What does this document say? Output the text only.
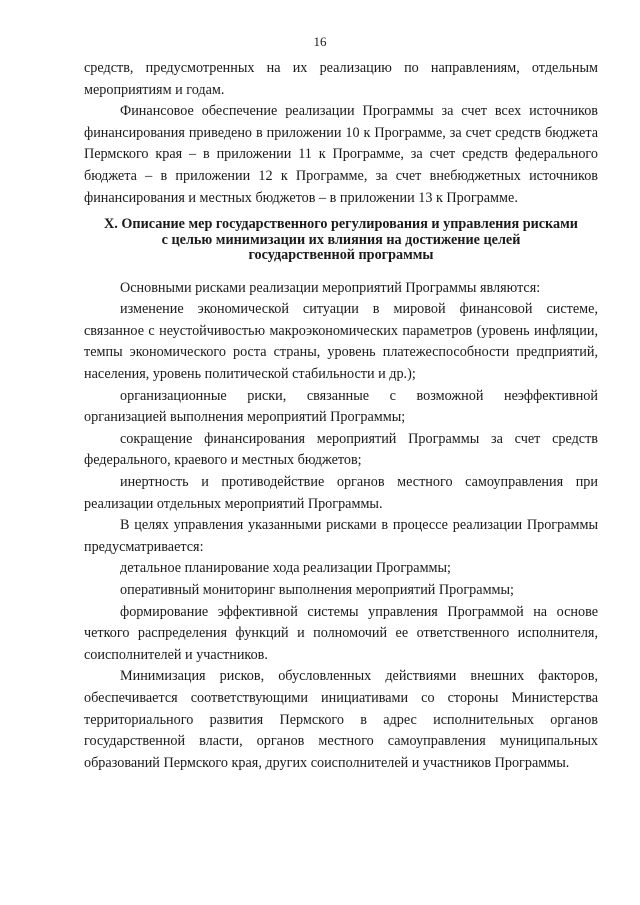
16

средств, предусмотренных на их реализацию по направлениям, отдельным мероприятиям и годам.

Финансовое обеспечение реализации Программы за счет всех источников финансирования приведено в приложении 10 к Программе, за счет средств бюджета Пермского края – в приложении 11 к Программе, за счет средств федерального бюджета – в приложении 12 к Программе, за счет внебюджетных источников финансирования и местных бюджетов – в приложении 13 к Программе.

X. Описание мер государственного регулирования и управления рисками
с целью минимизации их влияния на достижение целей
государственной программы

Основными рисками реализации мероприятий Программы являются:

изменение экономической ситуации в мировой финансовой системе, связанное с неустойчивостью макроэкономических параметров (уровень инфляции, темпы экономического роста страны, уровень платежеспособности предприятий, населения, уровень политической стабильности и др.);

организационные риски, связанные с возможной неэффективной организацией выполнения мероприятий Программы;

сокращение финансирования мероприятий Программы за счет средств федерального, краевого и местных бюджетов;

инертность и противодействие органов местного самоуправления при реализации отдельных мероприятий Программы.

В целях управления указанными рисками в процессе реализации Программы предусматривается:

детальное планирование хода реализации Программы;

оперативный мониторинг выполнения мероприятий Программы;

формирование эффективной системы управления Программой на основе четкого распределения функций и полномочий ее ответственного исполнителя, соисполнителей и участников.

Минимизация рисков, обусловленных действиями внешних факторов, обеспечивается соответствующими инициативами со стороны Министерства территориального развития Пермского в адрес исполнительных органов государственной власти, органов местного самоуправления муниципальных образований Пермского края, других соисполнителей и участников Программы.
